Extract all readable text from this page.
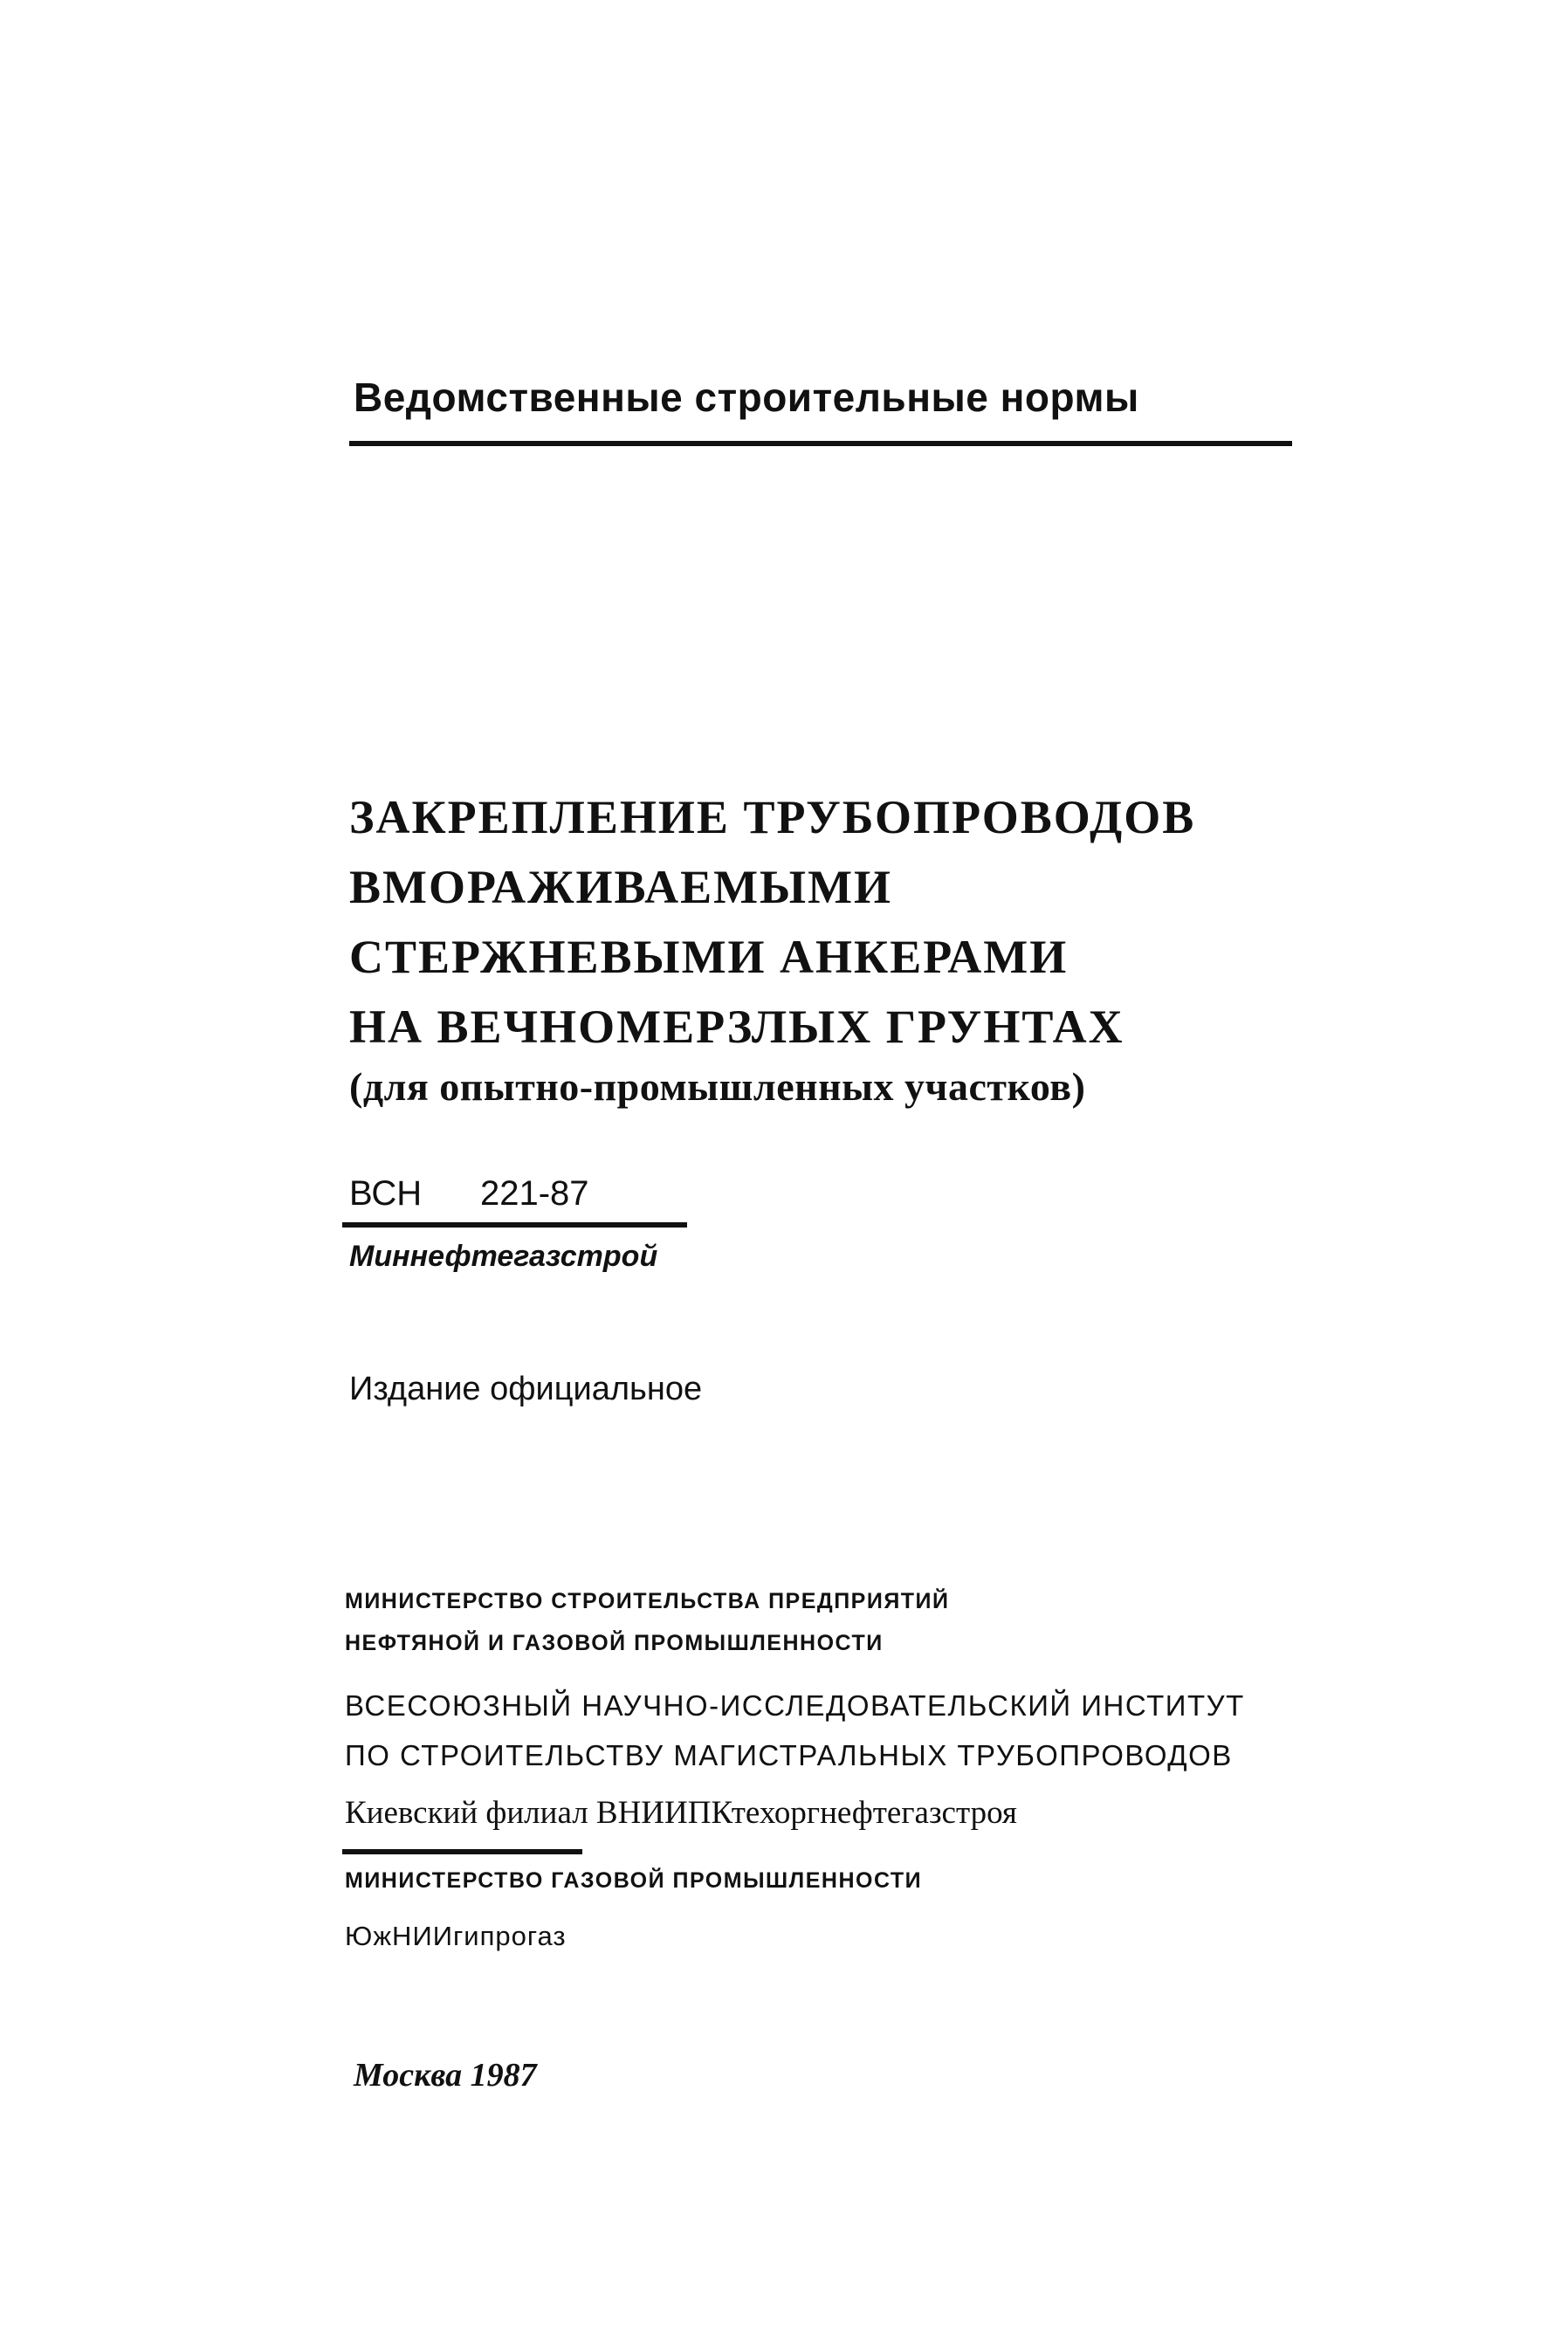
Ведомственные строительные нормы
ЗАКРЕПЛЕНИЕ ТРУБОПРОВОДОВ
ВМОРАЖИВАЕМЫМИ
СТЕРЖНЕВЫМИ АНКЕРАМИ
НА ВЕЧНОМЕРЗЛЫХ ГРУНТАХ
(для опытно-промышленных участков)
ВСН 221-87
Миннефтегазстрой
Издание официальное
МИНИСТЕРСТВО СТРОИТЕЛЬСТВА ПРЕДПРИЯТИЙ
НЕФТЯНОЙ И ГАЗОВОЙ ПРОМЫШЛЕННОСТИ
ВСЕСОЮЗНЫЙ НАУЧНО-ИССЛЕДОВАТЕЛЬСКИЙ ИНСТИТУТ
ПО СТРОИТЕЛЬСТВУ МАГИСТРАЛЬНЫХ ТРУБОПРОВОДОВ
Киевский филиал ВНИИПКтехоргнефтегазстроя
МИНИСТЕРСТВО ГАЗОВОЙ ПРОМЫШЛЕННОСТИ
ЮжНИИгипрогаз
Москва 1987
